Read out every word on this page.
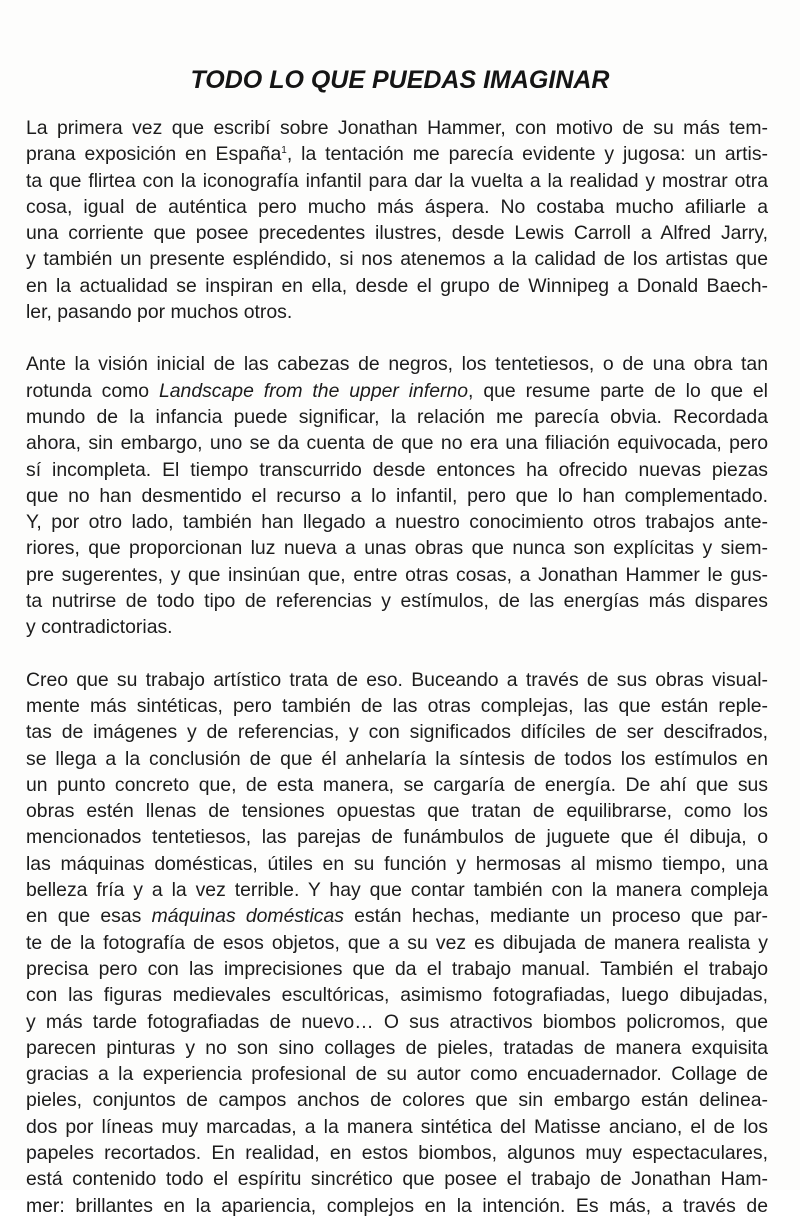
TODO LO QUE PUEDAS IMAGINAR

La primera vez que escribí sobre Jonathan Hammer, con motivo de su más tem-
prana exposición en España$^1$, la tentación me parecía evidente y jugosa: un artis-
ta que flirtea con la iconografía infantil para dar la vuelta a la realidad y mostrar otra
cosa, igual de auténtica pero mucho más áspera. No costaba mucho afiliarle a
una corriente que posee precedentes ilustres, desde Lewis Carroll a Alfred Jarry,
y también un presente espléndido, si nos atenemos a la calidad de los artistas que
en la actualidad se inspiran en ella, desde el grupo de Winnipeg a Donald Baech-
ler, pasando por muchos otros.

Ante la visión inicial de las cabezas de negros, los tentetiesos, o de una obra tan
rotunda como Landscape from the upper inferno, que resume parte de lo que el
mundo de la infancia puede significar, la relación me parecía obvia. Recordada
ahora, sin embargo, uno se da cuenta de que no era una filiación equivocada, pero
sí incompleta. El tiempo transcurrido desde entonces ha ofrecido nuevas piezas
que no han desmentido el recurso a lo infantil, pero que lo han complementado.
Y, por otro lado, también han llegado a nuestro conocimiento otros trabajos ante-
riores, que proporcionan luz nueva a unas obras que nunca son explícitas y siem-
pre sugerentes, y que insinúan que, entre otras cosas, a Jonathan Hammer le gus-
ta nutrirse de todo tipo de referencias y estímulos, de las energías más dispares
y contradictorias.

Creo que su trabajo artístico trata de eso. Buceando a través de sus obras visual-
mente más sintéticas, pero también de las otras complejas, las que están reple-
tas de imágenes y de referencias, y con significados difíciles de ser descifrados,
se llega a la conclusión de que él anhelaría la síntesis de todos los estímulos en
un punto concreto que, de esta manera, se cargaría de energía. De ahí que sus
obras estén llenas de tensiones opuestas que tratan de equilibrarse, como los
mencionados tentetiesos, las parejas de funámbulos de juguete que él dibuja, o
las máquinas domésticas, útiles en su función y hermosas al mismo tiempo, una
belleza fría y a la vez terrible. Y hay que contar también con la manera compleja
en que esas máquinas domésticas están hechas, mediante un proceso que par-
te de la fotografía de esos objetos, que a su vez es dibujada de manera realista y
precisa pero con las imprecisiones que da el trabajo manual. También el trabajo
con las figuras medievales escultóricas, asimismo fotografiadas, luego dibujadas,
y más tarde fotografiadas de nuevo… O sus atractivos biombos policromos, que
parecen pinturas y no son sino collages de pieles, tratadas de manera exquisita
gracias a la experiencia profesional de su autor como encuadernador. Collage de
pieles, conjuntos de campos anchos de colores que sin embargo están delinea-
dos por líneas muy marcadas, a la manera sintética del Matisse anciano, el de los
papeles recortados. En realidad, en estos biombos, algunos muy espectaculares,
está contenido todo el espíritu sincrético que posee el trabajo de Jonathan Ham-
mer: brillantes en la apariencia, complejos en la intención. Es más, a través de
